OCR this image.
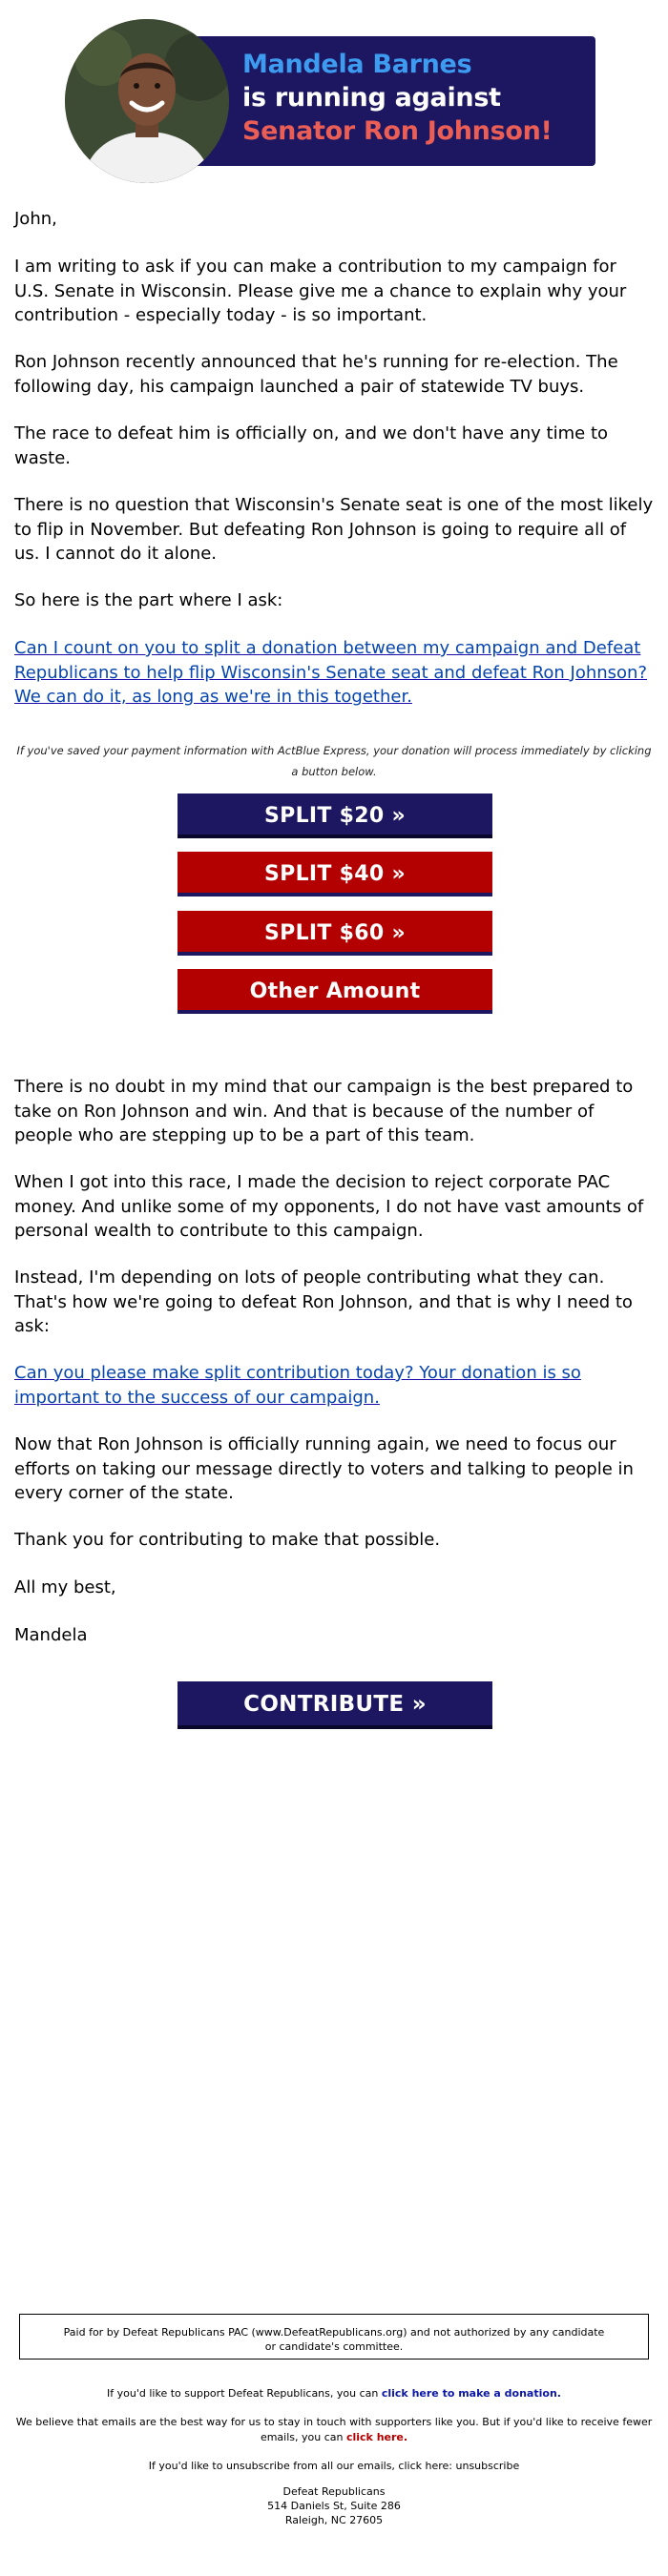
Mandela Barnes
is running against
Senator Ron Johnson!

John,

I am writing to ask if you can make a contribution to my campaign for U.S. Senate in Wisconsin. Please give me a chance to explain why your contribution - especially today - is so important.

Ron Johnson recently announced that he's running for re-election. The following day, his campaign launched a pair of statewide TV buys.

The race to defeat him is officially on, and we don't have any time to waste.

There is no question that Wisconsin's Senate seat is one of the most likely to flip in November. But defeating Ron Johnson is going to require all of us. I cannot do it alone.

So here is the part where I ask:

Can I count on you to split a donation between my campaign and Defeat Republicans to help flip Wisconsin's Senate seat and defeat Ron Johnson? We can do it, as long as we're in this together.

If you've saved your payment information with ActBlue Express, your donation will process immediately by clicking a button below.
SPLIT $20 »
SPLIT $40 »
SPLIT $60 »
Other Amount

There is no doubt in my mind that our campaign is the best prepared to take on Ron Johnson and win. And that is because of the number of people who are stepping up to be a part of this team.

When I got into this race, I made the decision to reject corporate PAC money. And unlike some of my opponents, I do not have vast amounts of personal wealth to contribute to this campaign.

Instead, I'm depending on lots of people contributing what they can. That's how we're going to defeat Ron Johnson, and that is why I need to ask:

Can you please make split contribution today? Your donation is so important to the success of our campaign.

Now that Ron Johnson is officially running again, we need to focus our efforts on taking our message directly to voters and talking to people in every corner of the state.

Thank you for contributing to make that possible.

All my best,

Mandela

CONTRIBUTE »
Paid for by Defeat Republicans PAC (www.DefeatRepublicans.org) and not authorized by any candidate or candidate's committee.
If you'd like to support Defeat Republicans, you can click here to make a donation.
We believe that emails are the best way for us to stay in touch with supporters like you. But if you'd like to receive fewer emails, you can click here.
If you'd like to unsubscribe from all our emails, click here: unsubscribe
Defeat Republicans
514 Daniels St, Suite 286
Raleigh, NC 27605
